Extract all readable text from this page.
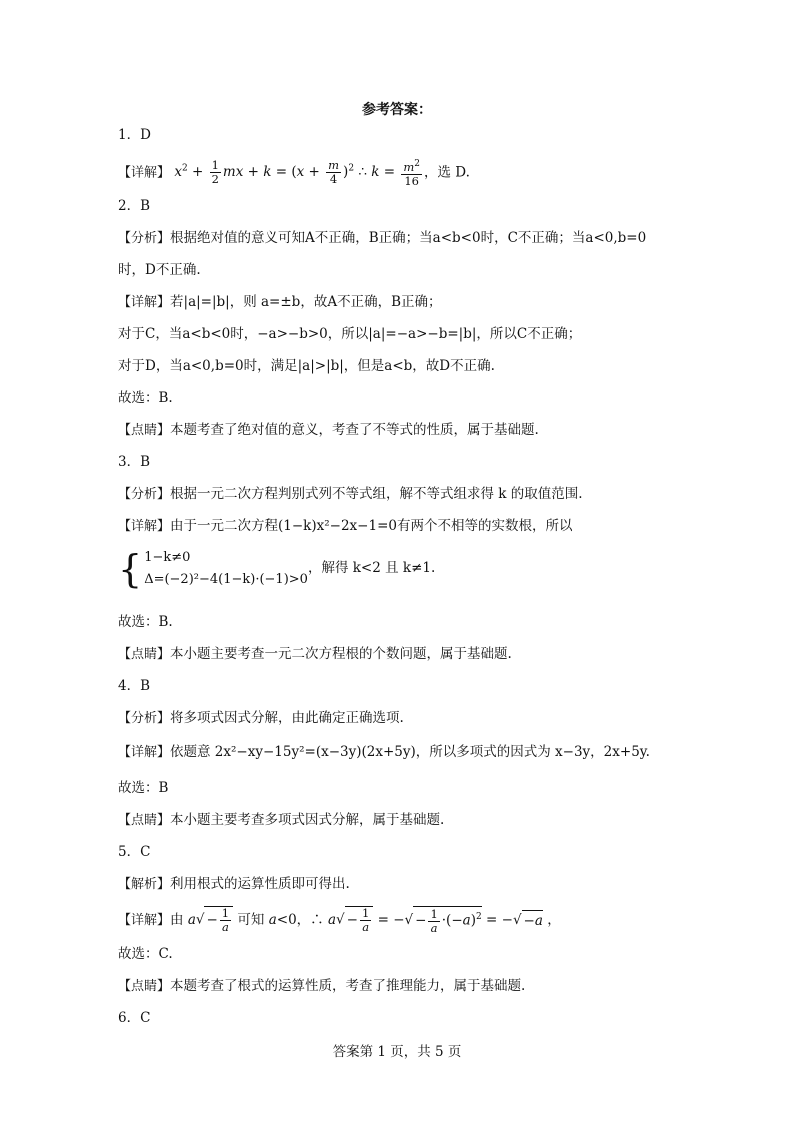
参考答案：
1．D
【详解】 $x^2 + \frac{1}{2}$ mx + $k = (x + \frac{m}{4} )^2$ ∴ $k = \frac{m^2}{16}$ ，选 D.
2．B
【分析】根据绝对值的意义可知A不正确，B正确；当a<b<0时，C不正确；当a<0,b=0
时，D不正确.
【详解】若|a|=|b|，则 a=±b，故A不正确，B正确；
对于C，当a<b<0时，−a>−b>0，所以|a|=−a>−b=|b|，所以C不正确；
对于D，当a<0,b=0时，满足|a|>|b|，但是a<b，故D不正确.
故选：B.
【点睛】本题考查了绝对值的意义，考查了不等式的性质，属于基础题.
3．B
【分析】根据一元二次方程判别式列不等式组，解不等式组求得 k 的取值范围.
【详解】由于一元二次方程(1−k)x²−2x−1=0有两个不相等的实数根，所以
{ 1−k≠0
Δ=(−2)²−4(1−k)·(−1)>0
，解得 k<2 且 k≠1.
故选：B.
【点睛】本小题主要考查一元二次方程根的个数问题，属于基础题.
4．B
【分析】将多项式因式分解，由此确定正确选项.
【详解】依题意 2x²−xy−15y²=(x−3y)(2x+5y)，所以多项式的因式为 x−3y，2x+5y.
故选：B
【点睛】本小题主要考查多项式因式分解，属于基础题.
5．C
【解析】利用根式的运算性质即可得出.
【详解】由 $a√ - \frac{1}{a}$ 可知 a<0，∴ $a√ - \frac{1}{a}$ = −√ − $\frac{1}{a} \cdot(-a)^2$ = −√ −a ，
故选：C.
【点睛】本题考查了根式的运算性质，考查了推理能力，属于基础题.
6．C
答案第 1 页，共 5 页
